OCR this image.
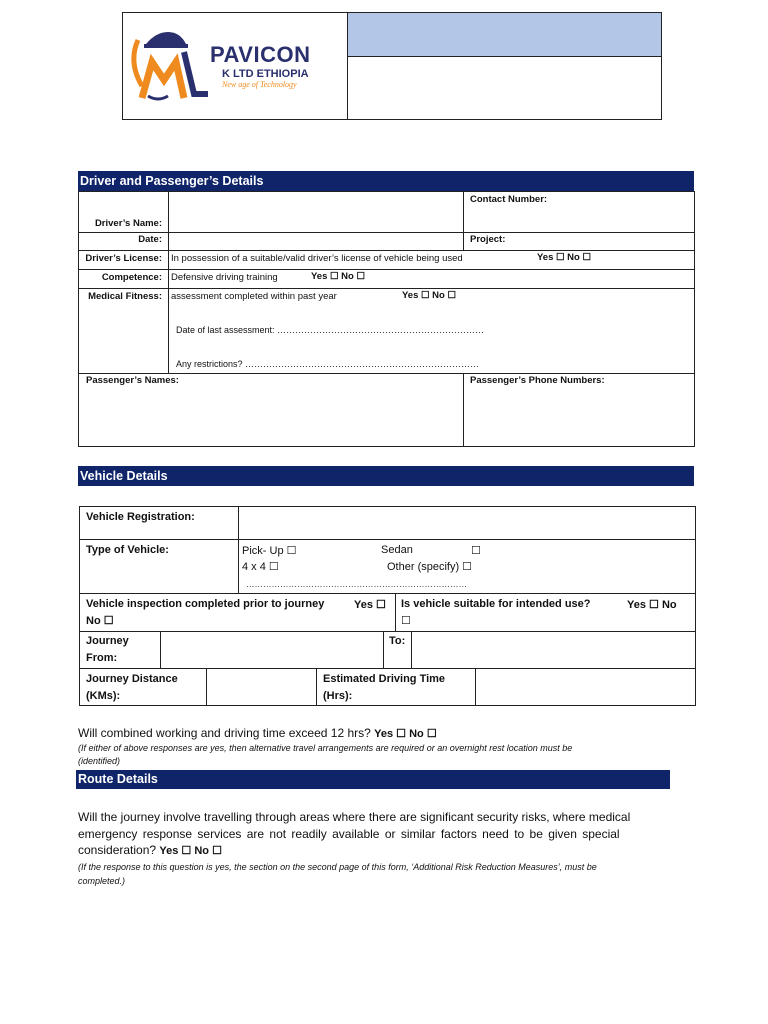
PAVICON
K LTD ETHIOPIA
New age of Technology
Driver and Passenger’s Details
Driver’s Name:
Contact Number:
Date:	Project:
Driver’s License: In possession of a suitable/valid driver’s license of vehicle being used	Yes ☐ No ☐
Competence: Defensive driving training	Yes ☐ No ☐
Medical Fitness: assessment completed within past year	Yes ☐ No ☐
Date of last assessment: ……………………………………………………………
Any restrictions? ……………………………………………………………………
Passenger’s Names:	Passenger’s Phone Numbers:
Vehicle Details
Vehicle Registration:
Type of Vehicle:	Pick- Up ☐	Sedan	☐
4 x 4 ☐	Other (specify) ☐
……………………………………………………………………
Vehicle inspection completed prior to journey	Yes ☐
No ☐
Is vehicle suitable for intended use?	Yes ☐ No
☐
Journey
From:
To:
Journey Distance
(KMs):
Estimated Driving Time
(Hrs):
Will combined working and driving time exceed 12 hrs? Yes ☐ No ☐
(If either of above responses are yes, then alternative travel arrangements are required or an overnight rest location must be
(identified)
Route Details
Will the journey involve travelling through areas where there are significant security risks, where medical
emergency response services are not readily available or similar factors need to be given special
consideration? Yes ☐ No ☐
(If the response to this question is yes, the section on the second page of this form, ‘Additional Risk Reduction Measures’, must be
completed.)
